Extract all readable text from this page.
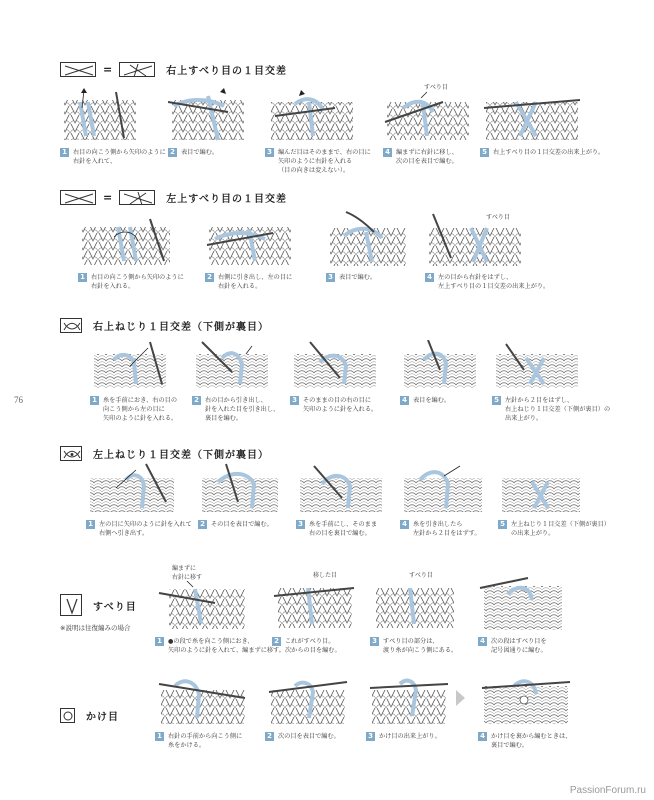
76
=	右上すべり目の１目交差
1 右目の向こう側から矢印のように
右針を入れて、
2 表目で編む。	3 編んだ目はそのままで、右の目に
矢印のように右針を入れる
（目の向きは変えない）。
すべり目
4 編まずに右針に移し、
次の目を表目で編む。
5 右上すべり目の１目交差の出来上がり。
=	左上すべり目の１目交差
1 右目の向こう側から矢印のように
右針を入れる。
2 右側に引き出し、左の目に
右針を入れる。
3 表目で編む。
すべり目
4 左の目から右針をはずし、
左上すべり目の１目交差の出来上がり。
右上ねじり１目交差（下側が裏目）
1 糸を手前におき、右の目の
向こう側から左の目に
矢印のように針を入れる。
2 右の目から引き出し、
針を入れた目を引き出し、
裏目を編む。
3 そのままの目の右の目に
矢印のように針を入れる。
4 表目を編む。	5 左針から２目をはずし、
右上ねじり１目交差（下側が裏目）の
出来上がり。
左上ねじり１目交差（下側が裏目）
1 左の目に矢印のように針を入れて
右側へ引き出す。
2 その目を表目で編む。	3 糸を手前にし、そのまま
右の目を裏目で編む。
4 糸を引き出したら
左針から２目をはずす。
5 左上ねじり１目交差（下側が裏目）
の出来上がり。
すべり目
※説明は往復編みの場合
編まずに
右針に移す
1 ●の段で糸を向こう側におき、
矢印のように針を入れて、編まずに移す。
移した目
2 これがすべり目。
次からの目を編む。
すべり目
3 すべり目の部分は、
渡り糸が向こう側にある。
4 次の段はすべり目を
記号図通りに編む。
かけ目
1 右針の手前から向こう側に
糸をかける。
2 次の目を表目で編む。	3 かけ目の出来上がり。	4 かけ目を裏から編むときは、
裏目で編む。
PassionForum.ru
